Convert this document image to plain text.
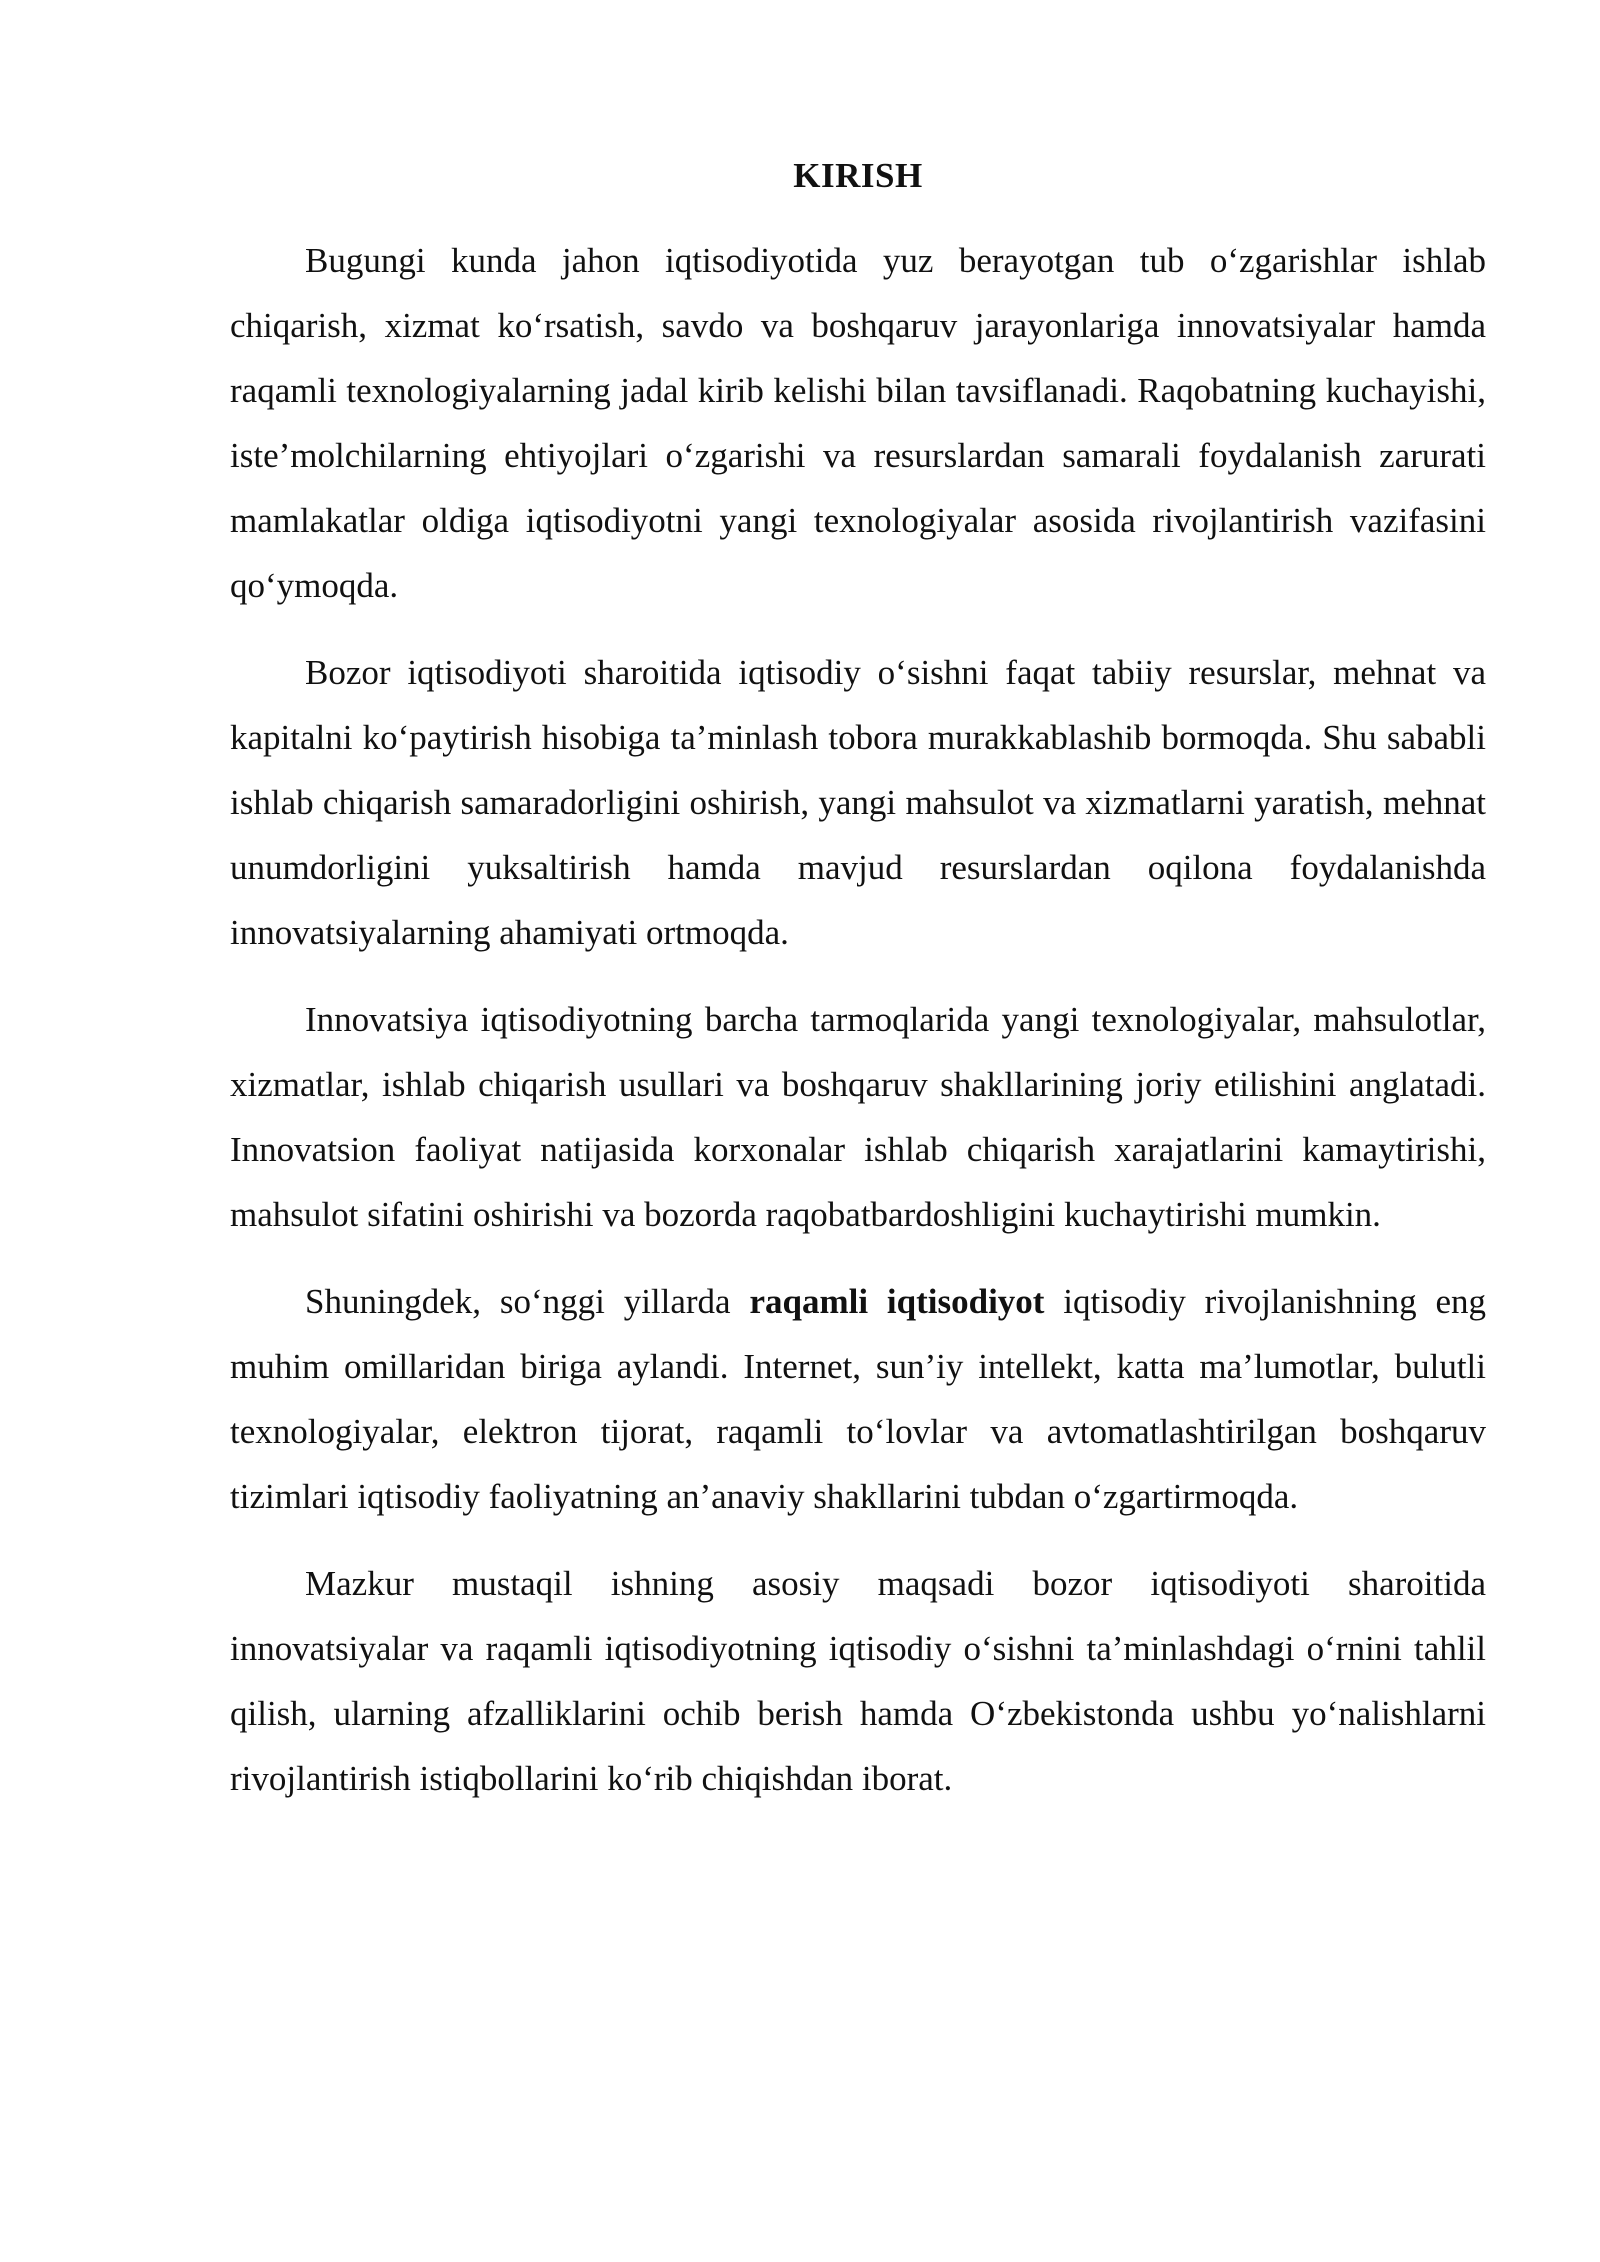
KIRISH

Bugungi kunda jahon iqtisodiyotida yuz berayotgan tub o‘zgarishlar ishlab chiqarish, xizmat ko‘rsatish, savdo va boshqaruv jarayonlariga innovatsiyalar hamda raqamli texnologiyalarning jadal kirib kelishi bilan tavsiflanadi. Raqobatning kuchayishi, iste’molchilarning ehtiyojlari o‘zgarishi va resurslardan samarali foydalanish zarurati mamlakatlar oldiga iqtisodiyotni yangi texnologiyalar asosida rivojlantirish vazifasini qo‘ymoqda.

Bozor iqtisodiyoti sharoitida iqtisodiy o‘sishni faqat tabiiy resurslar, mehnat va kapitalni ko‘paytirish hisobiga ta’minlash tobora murakkablashib bormoqda. Shu sababli ishlab chiqarish samaradorligini oshirish, yangi mahsulot va xizmatlarni yaratish, mehnat unumdorligini yuksaltirish hamda mavjud resurslardan oqilona foydalanishda innovatsiyalarning ahamiyati ortmoqda.

Innovatsiya iqtisodiyotning barcha tarmoqlarida yangi texnologiyalar, mahsulotlar, xizmatlar, ishlab chiqarish usullari va boshqaruv shakllarining joriy etilishini anglatadi. Innovatsion faoliyat natijasida korxonalar ishlab chiqarish xarajatlarini kamaytirishi, mahsulot sifatini oshirishi va bozorda raqobatbardoshligini kuchaytirishi mumkin.

Shuningdek, so‘nggi yillarda raqamli iqtisodiyot iqtisodiy rivojlanishning eng muhim omillaridan biriga aylandi. Internet, sun’iy intellekt, katta ma’lumotlar, bulutli texnologiyalar, elektron tijorat, raqamli to‘lovlar va avtomatlashtirilgan boshqaruv tizimlari iqtisodiy faoliyatning an’anaviy shakllarini tubdan o‘zgartirmoqda.

Mazkur mustaqil ishning asosiy maqsadi bozor iqtisodiyoti sharoitida innovatsiyalar va raqamli iqtisodiyotning iqtisodiy o‘sishni ta’minlashdagi o‘rnini tahlil qilish, ularning afzalliklarini ochib berish hamda O‘zbekistonda ushbu yo‘nalishlarni rivojlantirish istiqbollarini ko‘rib chiqishdan iborat.
